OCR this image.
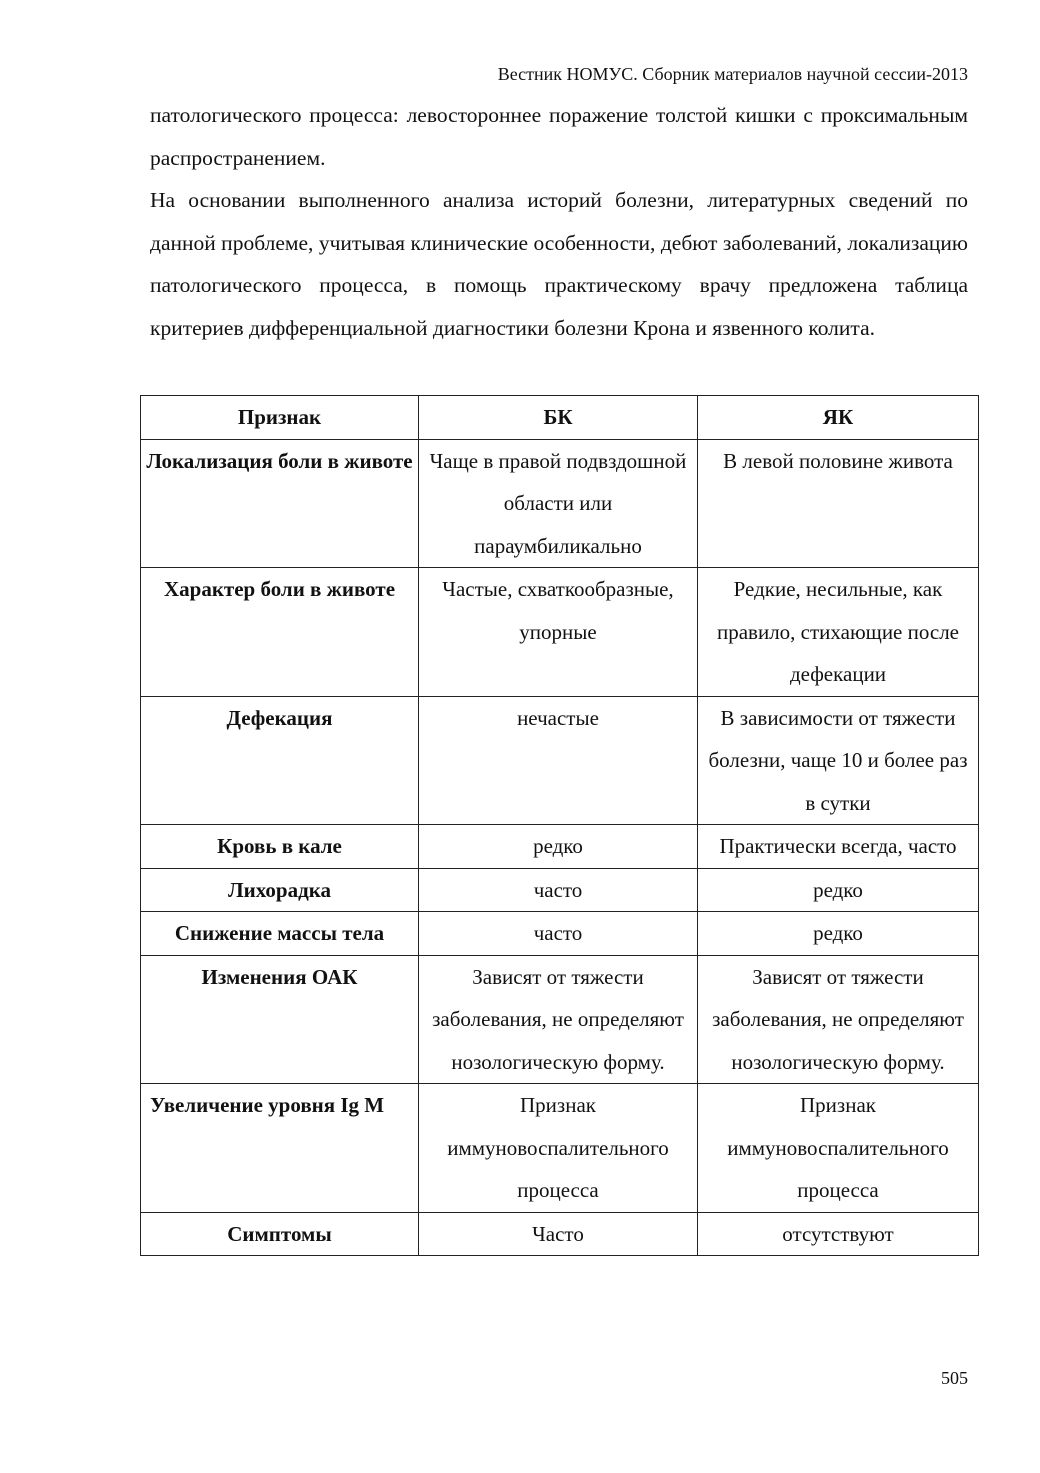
Вестник НОМУС. Сборник материалов научной сессии-2013

патологического процесса: левостороннее поражение толстой кишки с проксимальным распространением.

На основании выполненного анализа историй болезни, литературных сведений по данной проблеме, учитывая клинические особенности, дебют заболеваний, локализацию патологического процесса, в помощь практическому врачу предложена таблица критериев дифференциальной диагностики болезни Крона и язвенного колита.

Признак	БК	ЯК
Локализация боли в животе	Чаще в правой подвздошной области или параумбиликально	В левой половине живота
Характер боли в животе	Частые, схваткообразные, упорные	Редкие, несильные, как правило, стихающие после дефекации
Дефекация	нечастые	В зависимости от тяжести болезни, чаще 10 и более раз в сутки
Кровь в кале	редко	Практически всегда, часто
Лихорадка	часто	редко
Снижение массы тела	часто	редко
Изменения ОАК	Зависят от тяжести заболевания, не определяют нозологическую форму.	Зависят от тяжести заболевания, не определяют нозологическую форму.
Увеличение уровня Ig M	Признак иммуновоспалительного процесса	Признак иммуновоспалительного процесса
Симптомы	Часто	отсутствуют
505
